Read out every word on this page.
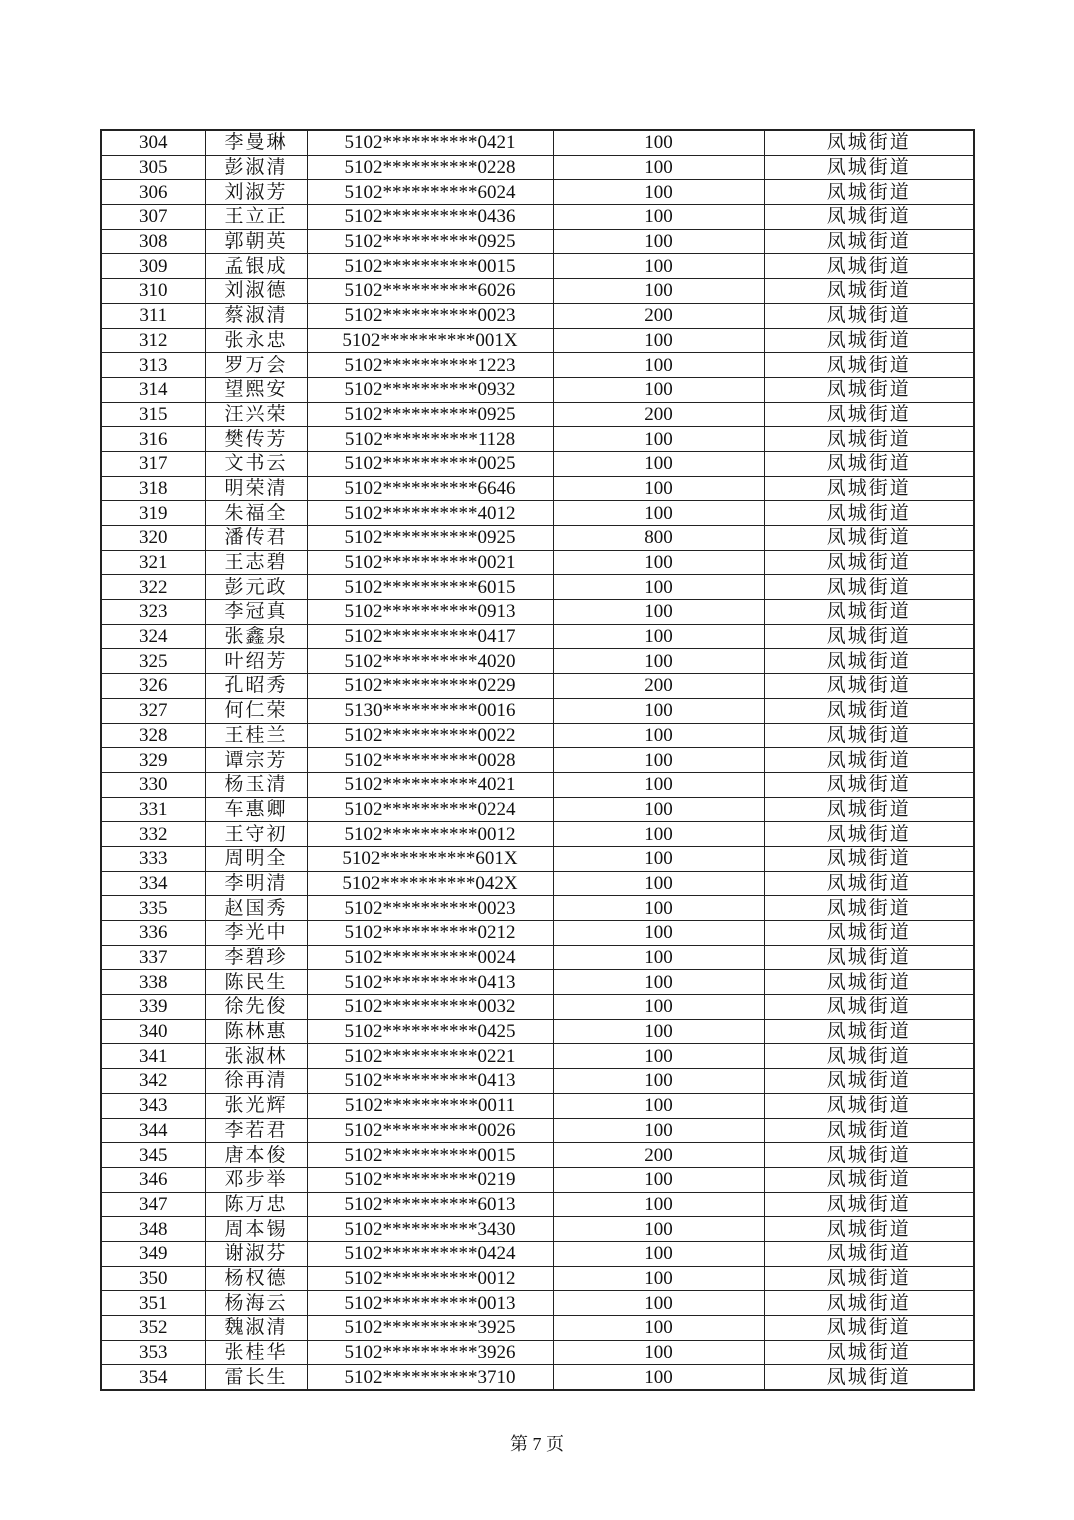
304	李曼琳	5102**********0421	100	凤城街道
305	彭淑清	5102**********0228	100	凤城街道
306	刘淑芳	5102**********6024	100	凤城街道
307	王立正	5102**********0436	100	凤城街道
308	郭朝英	5102**********0925	100	凤城街道
309	孟银成	5102**********0015	100	凤城街道
310	刘淑德	5102**********6026	100	凤城街道
311	蔡淑清	5102**********0023	200	凤城街道
312	张永忠	5102**********001X	100	凤城街道
313	罗万会	5102**********1223	100	凤城街道
314	望熙安	5102**********0932	100	凤城街道
315	汪兴荣	5102**********0925	200	凤城街道
316	樊传芳	5102**********1128	100	凤城街道
317	文书云	5102**********0025	100	凤城街道
318	明荣清	5102**********6646	100	凤城街道
319	朱福全	5102**********4012	100	凤城街道
320	潘传君	5102**********0925	800	凤城街道
321	王志碧	5102**********0021	100	凤城街道
322	彭元政	5102**********6015	100	凤城街道
323	李冠真	5102**********0913	100	凤城街道
324	张鑫泉	5102**********0417	100	凤城街道
325	叶绍芳	5102**********4020	100	凤城街道
326	孔昭秀	5102**********0229	200	凤城街道
327	何仁荣	5130**********0016	100	凤城街道
328	王桂兰	5102**********0022	100	凤城街道
329	谭宗芳	5102**********0028	100	凤城街道
330	杨玉清	5102**********4021	100	凤城街道
331	车惠卿	5102**********0224	100	凤城街道
332	王守初	5102**********0012	100	凤城街道
333	周明全	5102**********601X	100	凤城街道
334	李明清	5102**********042X	100	凤城街道
335	赵国秀	5102**********0023	100	凤城街道
336	李光中	5102**********0212	100	凤城街道
337	李碧珍	5102**********0024	100	凤城街道
338	陈民生	5102**********0413	100	凤城街道
339	徐先俊	5102**********0032	100	凤城街道
340	陈林惠	5102**********0425	100	凤城街道
341	张淑林	5102**********0221	100	凤城街道
342	徐再清	5102**********0413	100	凤城街道
343	张光辉	5102**********0011	100	凤城街道
344	李若君	5102**********0026	100	凤城街道
345	唐本俊	5102**********0015	200	凤城街道
346	邓步举	5102**********0219	100	凤城街道
347	陈万忠	5102**********6013	100	凤城街道
348	周本锡	5102**********3430	100	凤城街道
349	谢淑芬	5102**********0424	100	凤城街道
350	杨权德	5102**********0012	100	凤城街道
351	杨海云	5102**********0013	100	凤城街道
352	魏淑清	5102**********3925	100	凤城街道
353	张桂华	5102**********3926	100	凤城街道
354	雷长生	5102**********3710	100	凤城街道
第 7 页
